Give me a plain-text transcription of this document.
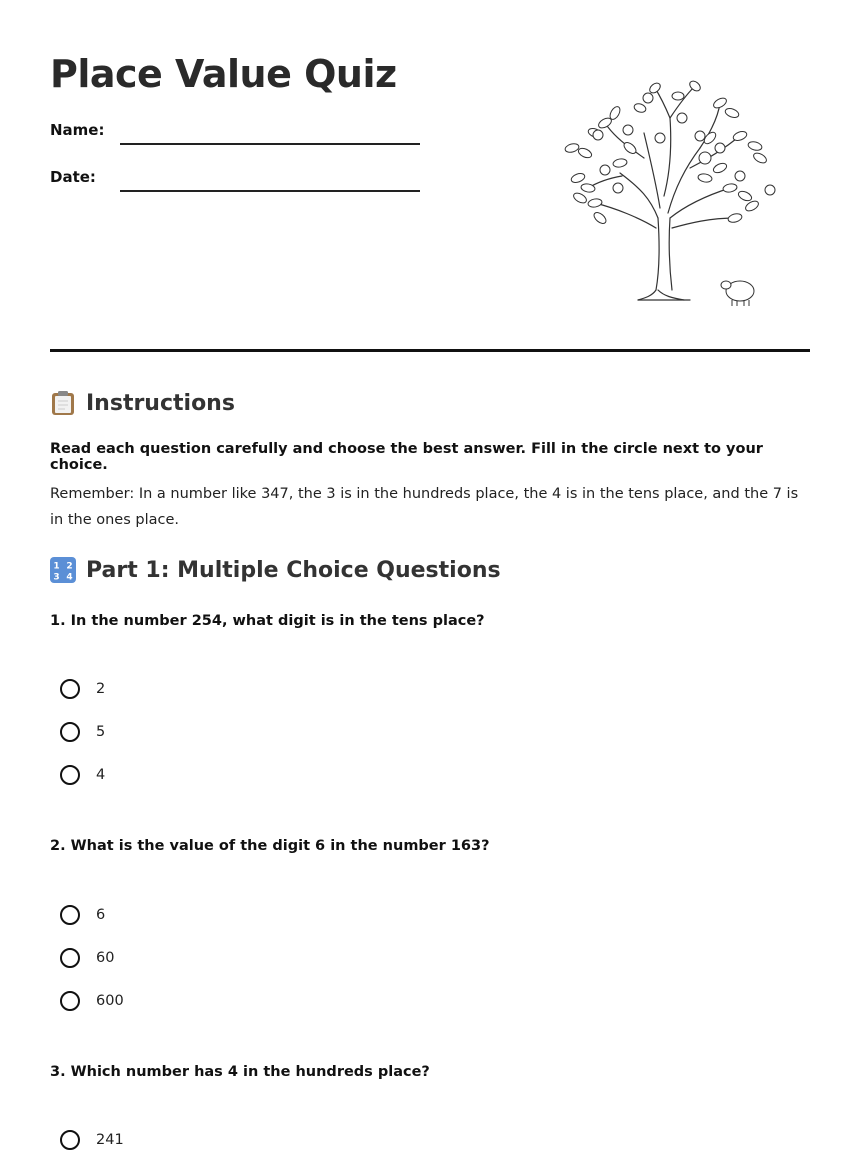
Place Value Quiz
Name:
Date:
Instructions

Read each question carefully and choose the best answer. Fill in the circle next to your choice.

Remember: In a number like 347, the 3 is in the hundreds place, the 4 is in the tens place, and the 7 is in the ones place.

1 2
3 4 Part 1: Multiple Choice Questions

1. In the number 254, what digit is in the tens place?

2
5
4

2. What is the value of the digit 6 in the number 163?

6
60
600

3. Which number has 4 in the hundreds place?

241
